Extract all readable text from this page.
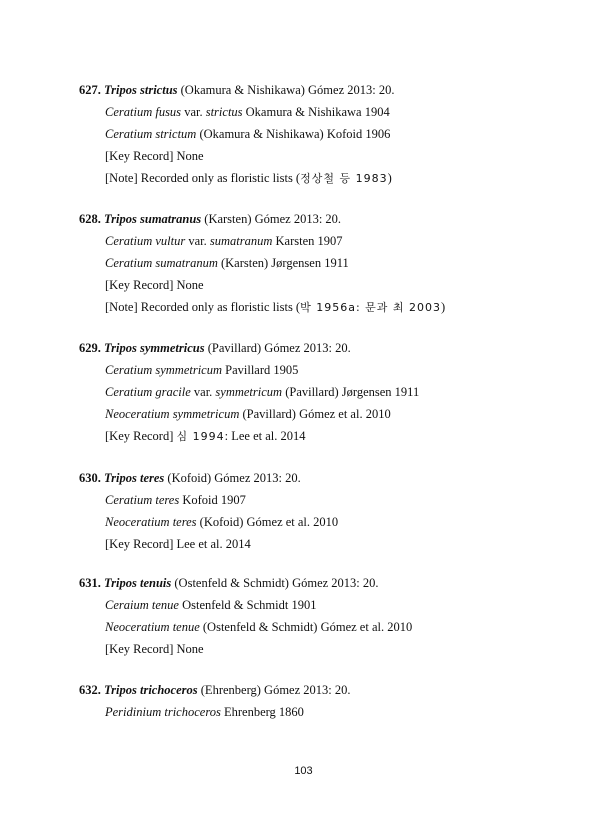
627. Tripos strictus (Okamura & Nishikawa) Gómez 2013: 20.
Ceratium fusus var. strictus Okamura & Nishikawa 1904
Ceratium strictum (Okamura & Nishikawa) Kofoid 1906
[Key Record] None
[Note] Recorded only as floristic lists (정상철 등 1983)
628. Tripos sumatranus (Karsten) Gómez 2013: 20.
Ceratium vultur var. sumatranum Karsten 1907
Ceratium sumatranum (Karsten) Jørgensen 1911
[Key Record] None
[Note] Recorded only as floristic lists (박 1956a: 문과 최 2003)
629. Tripos symmetricus (Pavillard) Gómez 2013: 20.
Ceratium symmetricum Pavillard 1905
Ceratium gracile var. symmetricum (Pavillard) Jørgensen 1911
Neoceratium symmetricum (Pavillard) Gómez et al. 2010
[Key Record] 심 1994: Lee et al. 2014
630. Tripos teres (Kofoid) Gómez 2013: 20.
Ceratium teres Kofoid 1907
Neoceratium teres (Kofoid) Gómez et al. 2010
[Key Record] Lee et al. 2014
631. Tripos tenuis (Ostenfeld & Schmidt) Gómez 2013: 20.
Ceraium tenue Ostenfeld & Schmidt 1901
Neoceratium tenue (Ostenfeld & Schmidt) Gómez et al. 2010
[Key Record] None
632. Tripos trichoceros (Ehrenberg) Gómez 2013: 20.
Peridinium trichoceros Ehrenberg 1860
103
